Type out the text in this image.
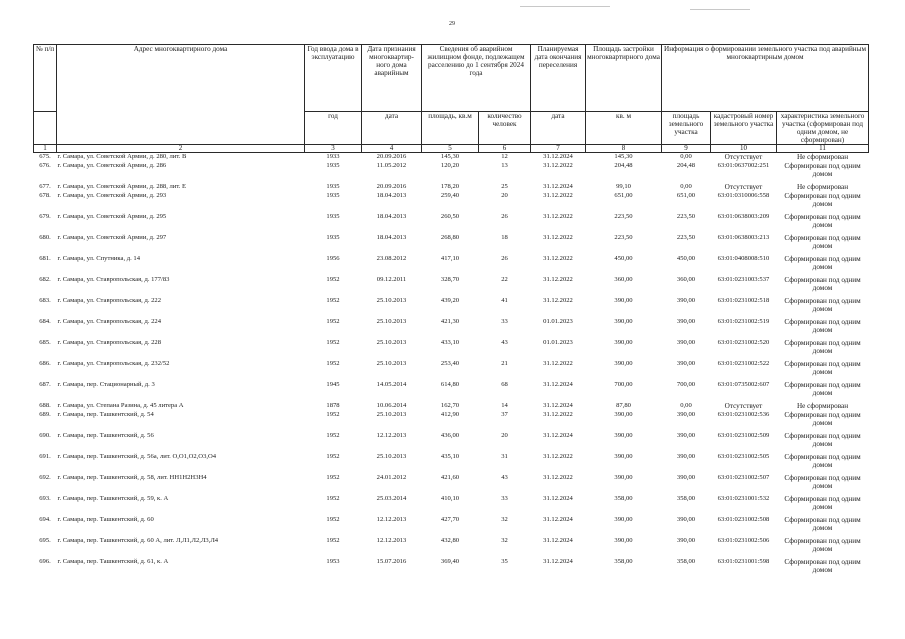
29
№ п/п	Адрес многоквартирного дома	Год ввода дома в эксплуатацию	Дата признания многоквартир-ного дома аварийным	Сведения об аварийном жилищном фонде, подлежащем расселению до 1 сентября 2024 года		Планируемая дата окончания переселения	Площадь застройки многоквартирного дома	Информация о формировании земельного участка под аварийным многоквартирным домом		
								площадь земельного участка	кадастровый номер земельного участка	характеристика земельного участка (сформирован под одним домом, не сформирован)
		год	дата	площадь, кв.м	количество человек	дата	кв. м			
1	2	3	4	5	6	7	8	9	10	11
675.	г. Самара, ул. Советской Армии, д. 280, лит. В	1933	20.09.2016	145,30	12	31.12.2024	145,30	0,00	Отсутствует	Не сформирован
676.	г. Самара, ул. Советской Армии, д. 286	1935	11.05.2012	120,20	13	31.12.2022	204,48	204,48	63:01:0637002:251	Сформирован под одним домом
677.	г. Самара, ул. Советской Армии, д. 288, лит. Е	1935	20.09.2016	178,20	25	31.12.2024	99,10	0,00	Отсутствует	Не сформирован
678.	г. Самара, ул. Советской Армии, д. 293	1935	18.04.2013	259,40	20	31.12.2022	651,00	651,00	63:01:0310006:558	Сформирован под одним домом
679.	г. Самара, ул. Советской Армии, д. 295	1935	18.04.2013	260,50	26	31.12.2022	223,50	223,50	63:01:0638003:209	Сформирован под одним домом
680.	г. Самара, ул. Советской Армии, д. 297	1935	18.04.2013	268,80	18	31.12.2022	223,50	223,50	63:01:0638003:213	Сформирован под одним домом
681.	г. Самара, ул. Спутника, д. 14	1956	23.08.2012	417,10	26	31.12.2022	450,00	450,00	63:01:0408008:510	Сформирован под одним домом
682.	г. Самара, ул. Ставропольская, д. 177/83	1952	09.12.2011	328,70	22	31.12.2022	360,00	360,00	63:01:0231003:537	Сформирован под одним домом
683.	г. Самара, ул. Ставропольская, д. 222	1952	25.10.2013	439,20	41	31.12.2022	390,00	390,00	63:01:0231002:518	Сформирован под одним домом
684.	г. Самара, ул. Ставропольская, д. 224	1952	25.10.2013	421,30	33	01.01.2023	390,00	390,00	63:01:0231002:519	Сформирован под одним домом
685.	г. Самара, ул. Ставропольская, д. 228	1952	25.10.2013	433,10	43	01.01.2023	390,00	390,00	63:01:0231002:520	Сформирован под одним домом
686.	г. Самара, ул. Ставропольская, д. 232/52	1952	25.10.2013	253,40	21	31.12.2022	390,00	390,00	63:01:0231002:522	Сформирован под одним домом
687.	г. Самара, пер. Стационарный, д. 3	1945	14.05.2014	614,80	68	31.12.2024	700,00	700,00	63:01:0735002:607	Сформирован под одним домом
688.	г. Самара, ул. Степана Разина, д. 45 литера А	1878	10.06.2014	162,70	14	31.12.2024	87,80	0,00	Отсутствует	Не сформирован
689.	г. Самара, пер. Ташкентский, д. 54	1952	25.10.2013	412,90	37	31.12.2022	390,00	390,00	63:01:0231002:536	Сформирован под одним домом
690.	г. Самара, пер. Ташкентский, д. 56	1952	12.12.2013	436,00	20	31.12.2024	390,00	390,00	63:01:0231002:509	Сформирован под одним домом
691.	г. Самара, пер. Ташкентский, д. 56а, лит. О,О1,О2,О3,О4	1952	25.10.2013	435,10	31	31.12.2022	390,00	390,00	63:01:0231002:505	Сформирован под одним домом
692.	г. Самара, пер. Ташкентский, д. 58, лит. НН1Н2Н3Н4	1952	24.01.2012	421,60	43	31.12.2022	390,00	390,00	63:01:0231002:507	Сформирован под одним домом
693.	г. Самара, пер. Ташкентский, д. 59, к. А	1952	25.03.2014	410,10	33	31.12.2024	358,00	358,00	63:01:0231001:532	Сформирован под одним домом
694.	г. Самара, пер. Ташкентский, д. 60	1952	12.12.2013	427,70	32	31.12.2024	390,00	390,00	63:01:0231002:508	Сформирован под одним домом
695.	г. Самара, пер. Ташкентский, д. 60 А, лит. Л,Л1,Л2,Л3,Л4	1952	12.12.2013	432,80	32	31.12.2024	390,00	390,00	63:01:0231002:506	Сформирован под одним домом
696.	г. Самара, пер. Ташкентский, д. 61, к. А	1953	15.07.2016	369,40	35	31.12.2024	358,00	358,00	63:01:0231001:598	Сформирован под одним домом
